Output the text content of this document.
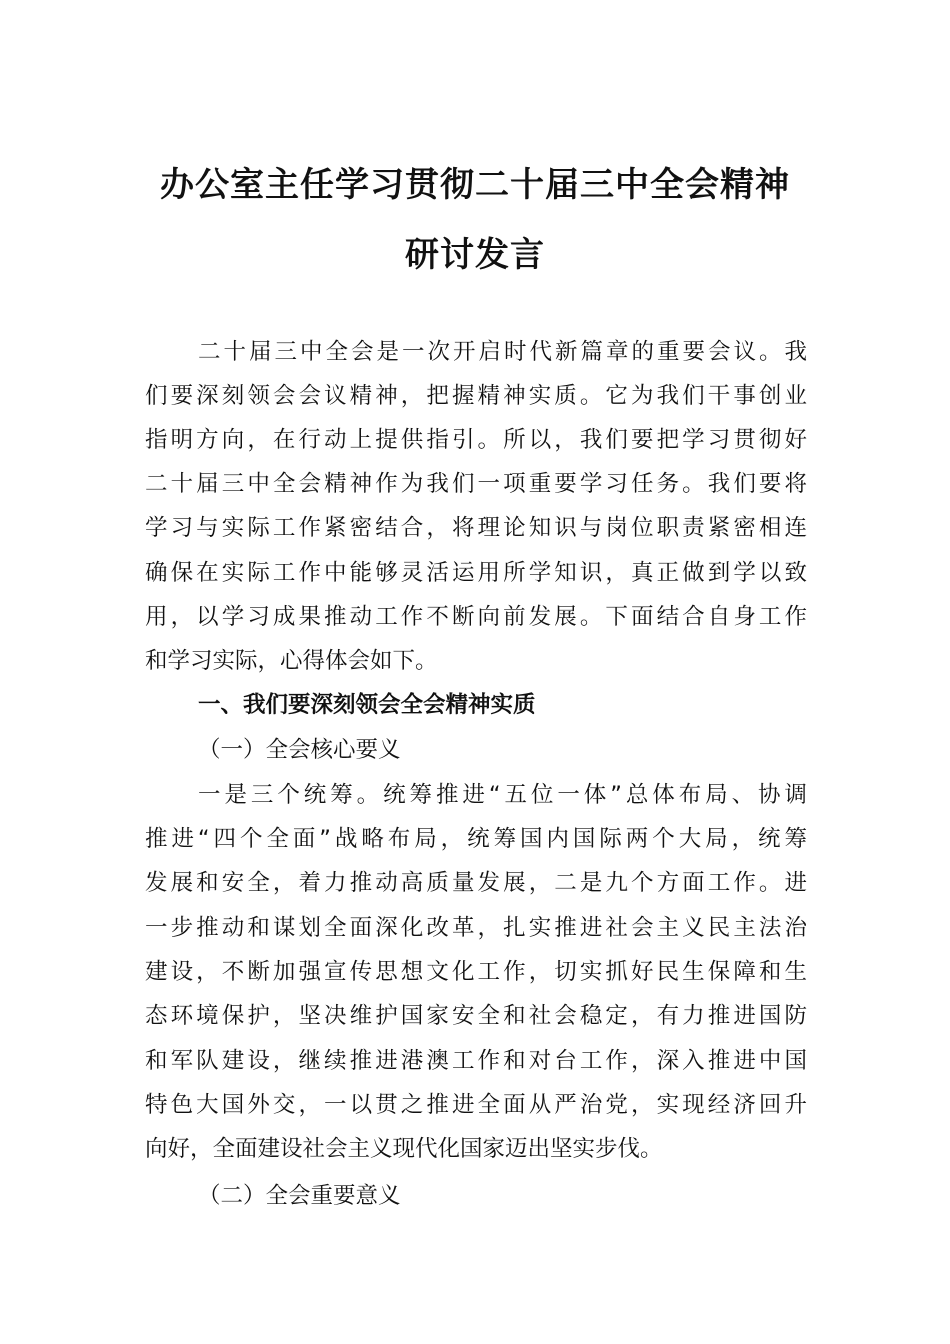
办公室主任学习贯彻二十届三中全会精神
研讨发言
二十届三中全会是一次开启时代新篇章的重要会议。我
们要深刻领会会议精神，把握精神实质。它为我们干事创业
指明方向，在行动上提供指引。所以，我们要把学习贯彻好
二十届三中全会精神作为我们一项重要学习任务。我们要将
学习与实际工作紧密结合，将理论知识与岗位职责紧密相连
确保在实际工作中能够灵活运用所学知识，真正做到学以致
用，以学习成果推动工作不断向前发展。下面结合自身工作
和学习实际，心得体会如下。
一、我们要深刻领会全会精神实质
（一）全会核心要义
一是三个统筹。统筹推进“五位一体”总体布局、协调
推进“四个全面”战略布局，统筹国内国际两个大局，统筹
发展和安全，着力推动高质量发展，二是九个方面工作。进
一步推动和谋划全面深化改革，扎实推进社会主义民主法治
建设，不断加强宣传思想文化工作，切实抓好民生保障和生
态环境保护，坚决维护国家安全和社会稳定，有力推进国防
和军队建设，继续推进港澳工作和对台工作，深入推进中国
特色大国外交，一以贯之推进全面从严治党，实现经济回升
向好，全面建设社会主义现代化国家迈出坚实步伐。
（二）全会重要意义
